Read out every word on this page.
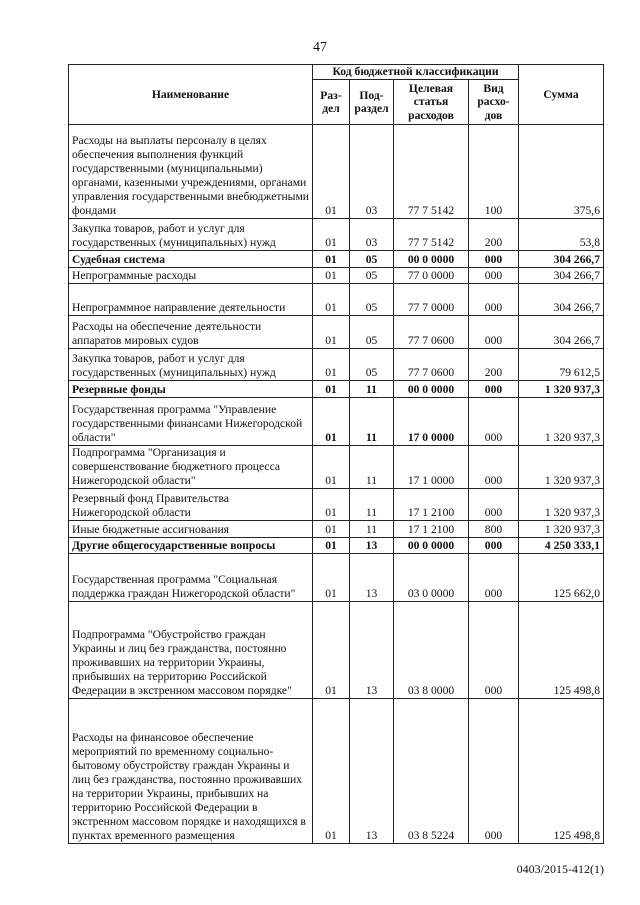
47
Наименование	Код бюджетной классификации				Сумма
	Раз-дел	Под-раздел	Целевая статья расходов	Вид расхо-дов	
Расходы на выплаты персоналу в целях обеспечения выполнения функций государственными (муниципальными) органами, казенными учреждениями, органами управления государственными внебюджетными фондами	01	03	77 7 5142	100	375,6
Закупка товаров, работ и услуг для государственных (муниципальных) нужд	01	03	77 7 5142	200	53,8
Судебная система	01	05	00 0 0000	000	304 266,7
Непрограммные расходы	01	05	77 0 0000	000	304 266,7
Непрограммное направление деятельности	01	05	77 7 0000	000	304 266,7
Расходы на обеспечение деятельности аппаратов мировых судов	01	05	77 7 0600	000	304 266,7
Закупка товаров, работ и услуг для государственных (муниципальных) нужд	01	05	77 7 0600	200	79 612,5
Резервные фонды	01	11	00 0 0000	000	1 320 937,3
Государственная программа "Управление государственными финансами Нижегородской области"	01	11	17 0 0000	000	1 320 937,3
Подпрограмма "Организация и совершенствование бюджетного процесса Нижегородской области"	01	11	17 1 0000	000	1 320 937,3
Резервный фонд Правительства Нижегородской области	01	11	17 1 2100	000	1 320 937,3
Иные бюджетные ассигнования	01	11	17 1 2100	800	1 320 937,3
Другие общегосударственные вопросы	01	13	00 0 0000	000	4 250 333,1
Государственная программа "Социальная поддержка граждан Нижегородской области"	01	13	03 0 0000	000	125 662,0
Подпрограмма "Обустройство граждан Украины и лиц без гражданства, постоянно проживавших на территории Украины, прибывших на территорию Российской Федерации в экстренном массовом порядке"	01	13	03 8 0000	000	125 498,8
Расходы на финансовое обеспечение мероприятий по временному социально-бытовому обустройству граждан Украины и лиц без гражданства, постоянно проживавших на территории Украины, прибывших на территорию Российской Федерации в экстренном массовом порядке и находящихся в пунктах временного размещения	01	13	03 8 5224	000	125 498,8
0403/2015-412(1)
